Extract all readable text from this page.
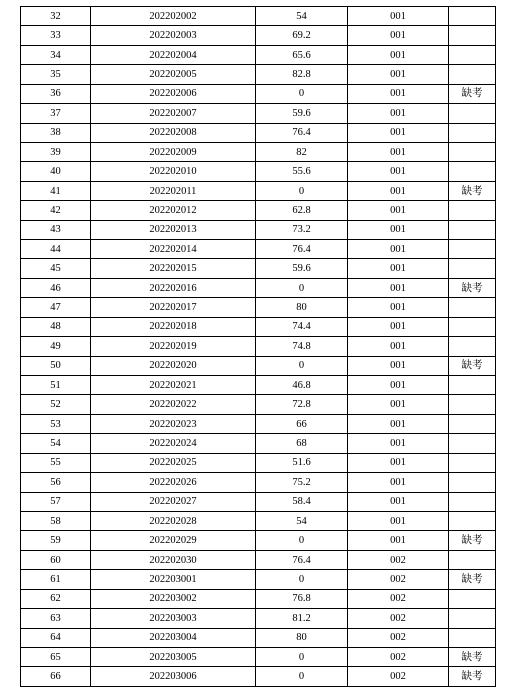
32	202202002	54	001	
33	202202003	69.2	001	
34	202202004	65.6	001	
35	202202005	82.8	001	
36	202202006	0	001	缺考
37	202202007	59.6	001	
38	202202008	76.4	001	
39	202202009	82	001	
40	202202010	55.6	001	
41	202202011	0	001	缺考
42	202202012	62.8	001	
43	202202013	73.2	001	
44	202202014	76.4	001	
45	202202015	59.6	001	
46	202202016	0	001	缺考
47	202202017	80	001	
48	202202018	74.4	001	
49	202202019	74.8	001	
50	202202020	0	001	缺考
51	202202021	46.8	001	
52	202202022	72.8	001	
53	202202023	66	001	
54	202202024	68	001	
55	202202025	51.6	001	
56	202202026	75.2	001	
57	202202027	58.4	001	
58	202202028	54	001	
59	202202029	0	001	缺考
60	202202030	76.4	002	
61	202203001	0	002	缺考
62	202203002	76.8	002	
63	202203003	81.2	002	
64	202203004	80	002	
65	202203005	0	002	缺考
66	202203006	0	002	缺考
